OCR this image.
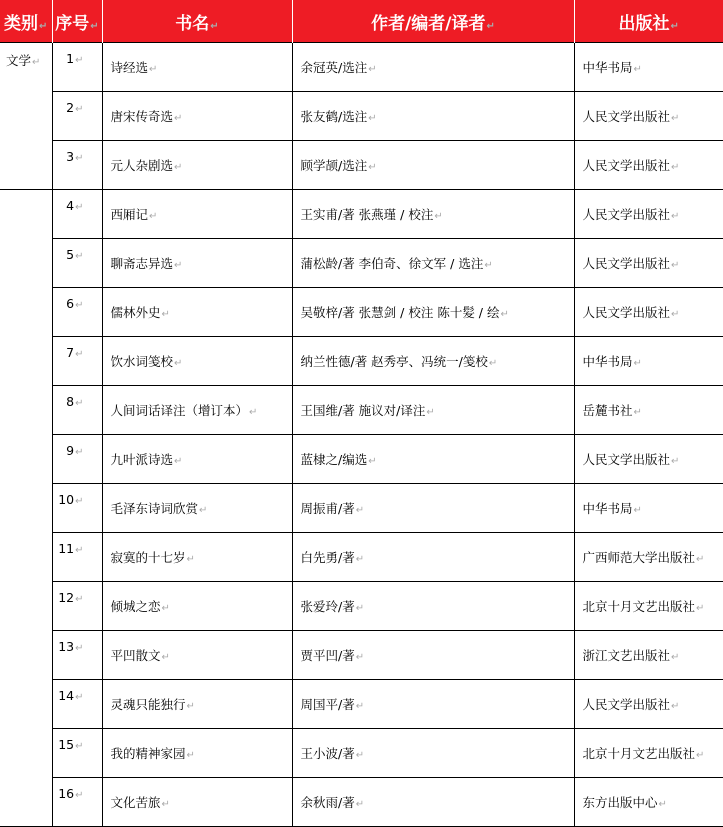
类别↵	序号↵	书名↵	作者/编者/译者↵	出版社↵
文学↵	1↵	诗经选↵	余冠英/选注↵	中华书局↵
	2↵	唐宋传奇选↵	张友鹤/选注↵	人民文学出版社↵
	3↵	元人杂剧选↵	顾学颉/选注↵	人民文学出版社↵
	4↵	西厢记↵	王实甫/著 张燕瑾 / 校注↵	人民文学出版社↵
	5↵	聊斋志异选↵	蒲松龄/著 李伯奇、徐文军 / 选注↵	人民文学出版社↵
	6↵	儒林外史↵	吴敬梓/著 张慧剑 / 校注 陈十髪 / 绘↵	人民文学出版社↵
	7↵	饮水词笺校↵	纳兰性德/著 赵秀亭、冯统一/笺校↵	中华书局↵
	8↵	人间词话译注（增订本）↵	王国维/著 施议对/译注↵	岳麓书社↵
	9↵	九叶派诗选↵	蓝棣之/编选↵	人民文学出版社↵
	10↵	毛泽东诗词欣赏↵	周振甫/著↵	中华书局↵
	11↵	寂寞的十七岁↵	白先勇/著↵	广西师范大学出版社↵
	12↵	倾城之恋↵	张爱玲/著↵	北京十月文艺出版社↵
	13↵	平凹散文↵	贾平凹/著↵	浙江文艺出版社↵
	14↵	灵魂只能独行↵	周国平/著↵	人民文学出版社↵
	15↵	我的精神家园↵	王小波/著↵	北京十月文艺出版社↵
	16↵	文化苦旅↵	余秋雨/著↵	东方出版中心↵
